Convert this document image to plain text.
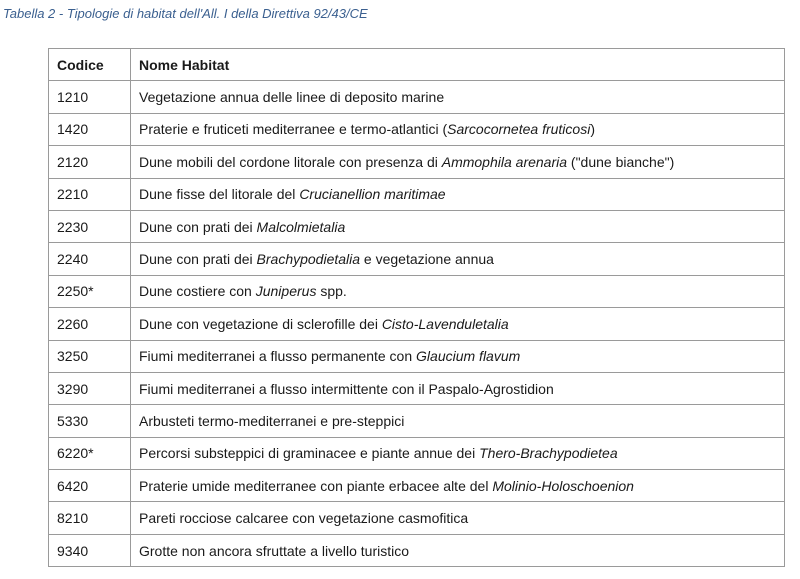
Tabella 2 - Tipologie di habitat dell'All. I della Direttiva 92/43/CE
Codice	Nome Habitat
1210	Vegetazione annua delle linee di deposito marine
1420	Praterie e fruticeti mediterranee e termo-atlantici (Sarcocornetea fruticosi)
2120	Dune mobili del cordone litorale con presenza di Ammophila arenaria ("dune bianche")
2210	Dune fisse del litorale del Crucianellion maritimae
2230	Dune con prati dei Malcolmietalia
2240	Dune con prati dei Brachypodietalia e vegetazione annua
2250*	Dune costiere con Juniperus spp.
2260	Dune con vegetazione di sclerofille dei Cisto-Lavenduletalia
3250	Fiumi mediterranei a flusso permanente con Glaucium flavum
3290	Fiumi mediterranei a flusso intermittente con il Paspalo-Agrostidion
5330	Arbusteti termo-mediterranei e pre-steppici
6220*	Percorsi substeppici di graminacee e piante annue dei Thero-Brachypodietea
6420	Praterie umide mediterranee con piante erbacee alte del Molinio-Holoschoenion
8210	Pareti rocciose calcaree con vegetazione casmofitica
9340	Grotte non ancora sfruttate a livello turistico
